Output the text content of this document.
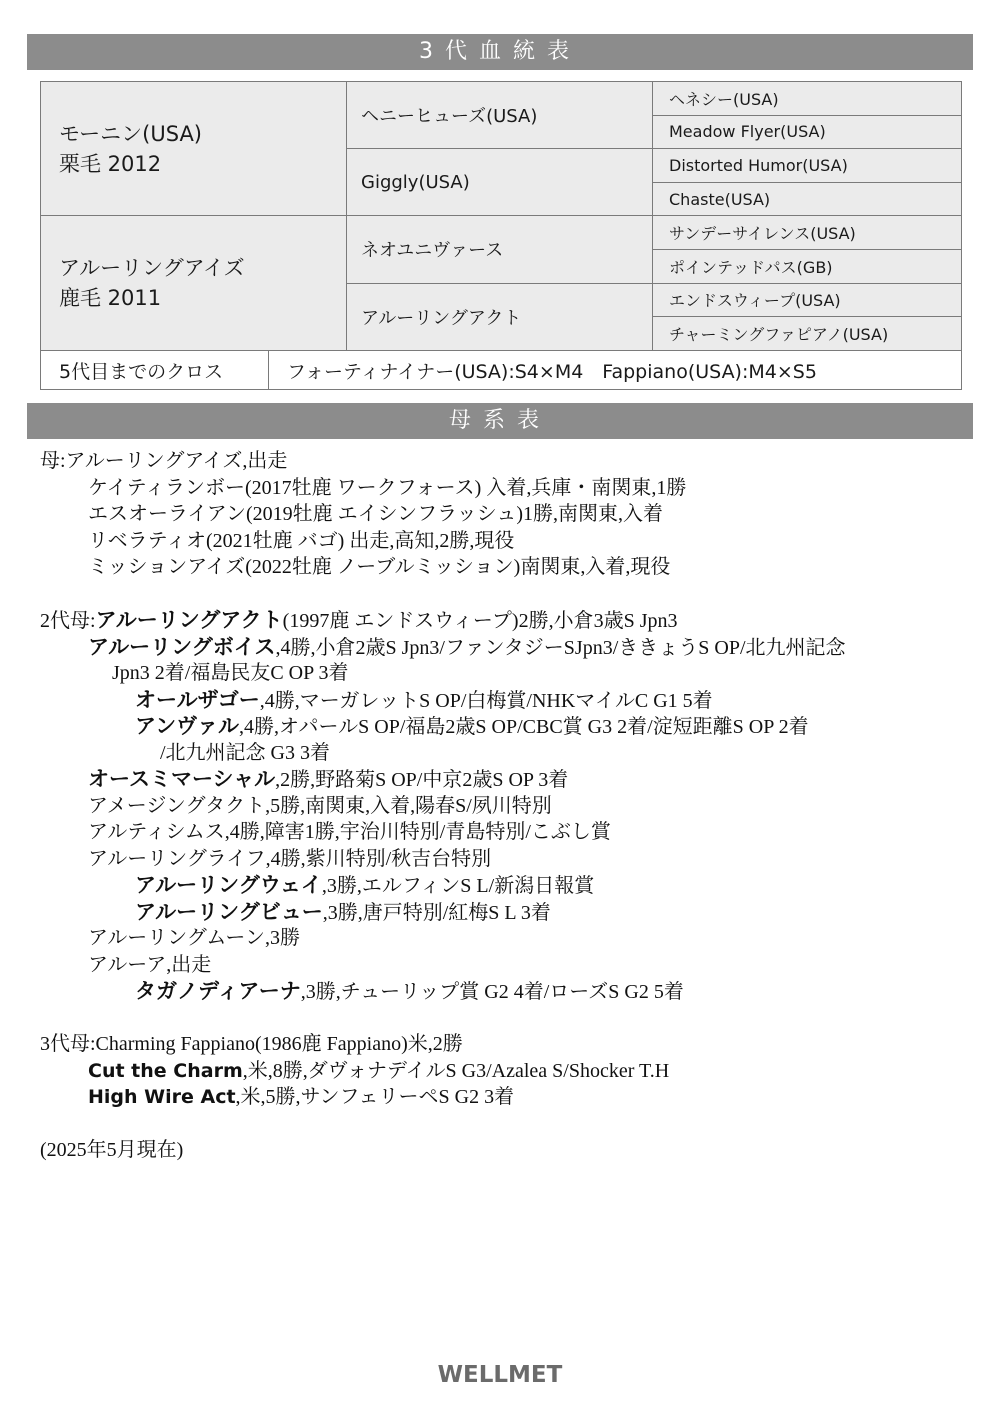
3代血統表
モーニン(USA)
栗毛 2012	ヘニーヒューズ(USA)	ヘネシー(USA)
		Meadow Flyer(USA)
	Giggly(USA)	Distorted Humor(USA)
		Chaste(USA)

アルーリングアイズ
鹿毛 2011	ネオユニヴァース	サンデーサイレンス(USA)
		ポインテッドパス(GB)
	アルーリングアクト	エンドスウィープ(USA)
		チャーミングファピアノ(USA)
5代目までのクロス	フォーティナイナー(USA):S4×M4　Fappiano(USA):M4×S5
母系表
母:アルーリングアイズ,出走
ケイティランボー(2017牡鹿 ワークフォース) 入着,兵庫・南関東,1勝
エスオーライアン(2019牡鹿 エイシンフラッシュ)1勝,南関東,入着
リベラティオ(2021牡鹿 バゴ) 出走,高知,2勝,現役
ミッションアイズ(2022牡鹿 ノーブルミッション)南関東,入着,現役
2代母:アルーリングアクト(1997鹿 エンドスウィープ)2勝,小倉3歳S Jpn3
アルーリングボイス,4勝,小倉2歳S Jpn3/ファンタジーSJpn3/ききょうS OP/北九州記念
Jpn3 2着/福島民友C OP 3着
オールザゴー,4勝,マーガレットS OP/白梅賞/NHKマイルC G1 5着
アンヴァル,4勝,オパールS OP/福島2歳S OP/CBC賞 G3 2着/淀短距離S OP 2着
/北九州記念 G3 3着
オースミマーシャル,2勝,野路菊S OP/中京2歳S OP 3着
アメージングタクト,5勝,南関東,入着,陽春S/夙川特別
アルティシムス,4勝,障害1勝,宇治川特別/青島特別/こぶし賞
アルーリングライフ,4勝,紫川特別/秋吉台特別
アルーリングウェイ,3勝,エルフィンS L/新潟日報賞
アルーリングビュー,3勝,唐戸特別/紅梅S L 3着
アルーリングムーン,3勝
アルーア,出走
タガノディアーナ,3勝,チューリップ賞 G2 4着/ローズS G2 5着
3代母:Charming Fappiano(1986鹿 Fappiano)米,2勝
Cut the Charm,米,8勝,ダヴォナデイルS G3/Azalea S/Shocker T.H
High Wire Act,米,5勝,サンフェリーペS G2 3着
(2025年5月現在)
WELLMET
